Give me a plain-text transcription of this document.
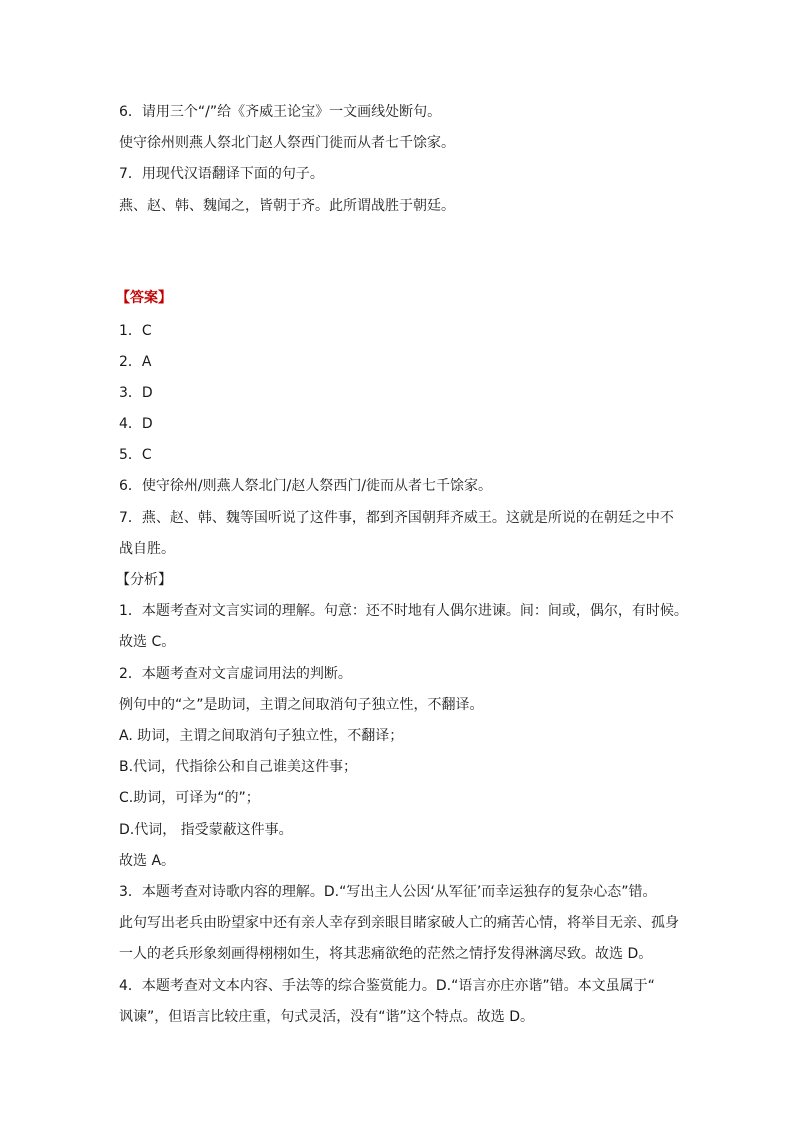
6．请用三个“/”给《齐威王论宝》一文画线处断句。
使守徐州则燕人祭北门赵人祭西门徙而从者七千馀家。
7．用现代汉语翻译下面的句子。
燕、赵、韩、魏闻之，皆朝于齐。此所谓战胜于朝廷。
【答案】
1．C
2．A
3．D
4．D
5．C
6．使守徐州/则燕人祭北门/赵人祭西门/徙而从者七千馀家。
7．燕、赵、韩、魏等国听说了这件事，都到齐国朝拜齐威王。这就是所说的在朝廷之中不
战自胜。
【分析】
1．本题考查对文言实词的理解。句意：还不时地有人偶尔进谏。间：间或，偶尔，有时候。
故选 C。
2．本题考查对文言虚词用法的判断。
例句中的“之”是助词，主谓之间取消句子独立性，不翻译。
A. 助词，主谓之间取消句子独立性，不翻译；
B.代词，代指徐公和自己谁美这件事；
C.助词，可译为“的”；
D.代词， 指受蒙蔽这件事。
故选 A。
3．本题考查对诗歌内容的理解。D.“写出主人公因‘从军征’而幸运独存的复杂心态”错。
此句写出老兵由盼望家中还有亲人幸存到亲眼目睹家破人亡的痛苦心情，将举目无亲、孤身
一人的老兵形象刻画得栩栩如生，将其悲痛欲绝的茫然之情抒发得淋漓尽致。故选 D。
4．本题考查对文本内容、手法等的综合鉴赏能力。D.“语言亦庄亦谐”错。本文虽属于“
讽谏”，但语言比较庄重，句式灵活，没有“谐”这个特点。故选 D。
